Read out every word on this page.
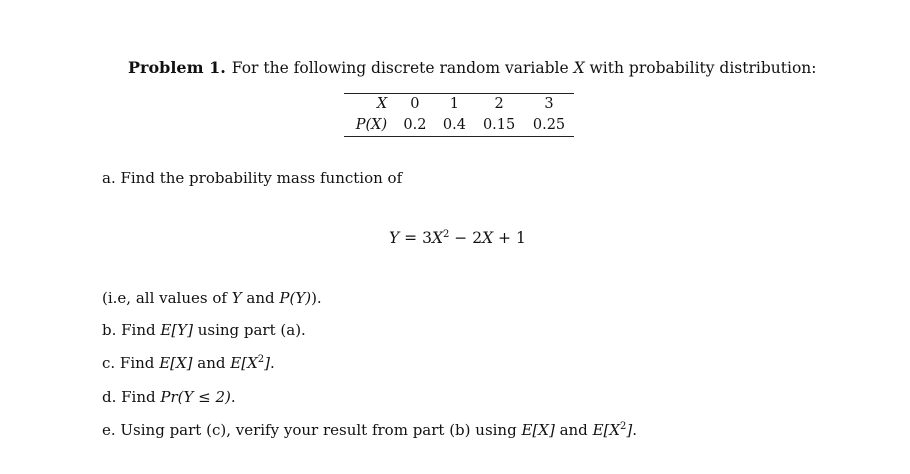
Problem 1. For the following discrete random variable X with probability distribution:
X	0	1	2	3
P(X)	0.2	0.4	0.15	0.25
a. Find the probability mass function of
$Y = 3X^2 - 2X + 1$
(i.e, all values of Y and P(Y)).
b. Find E[Y] using part (a).
c. Find E[X] and $E[X^2]$.
d. Find Pr(Y ≤ 2).
e. Using part (c), verify your result from part (b) using E[X] and $E[X^2]$.
